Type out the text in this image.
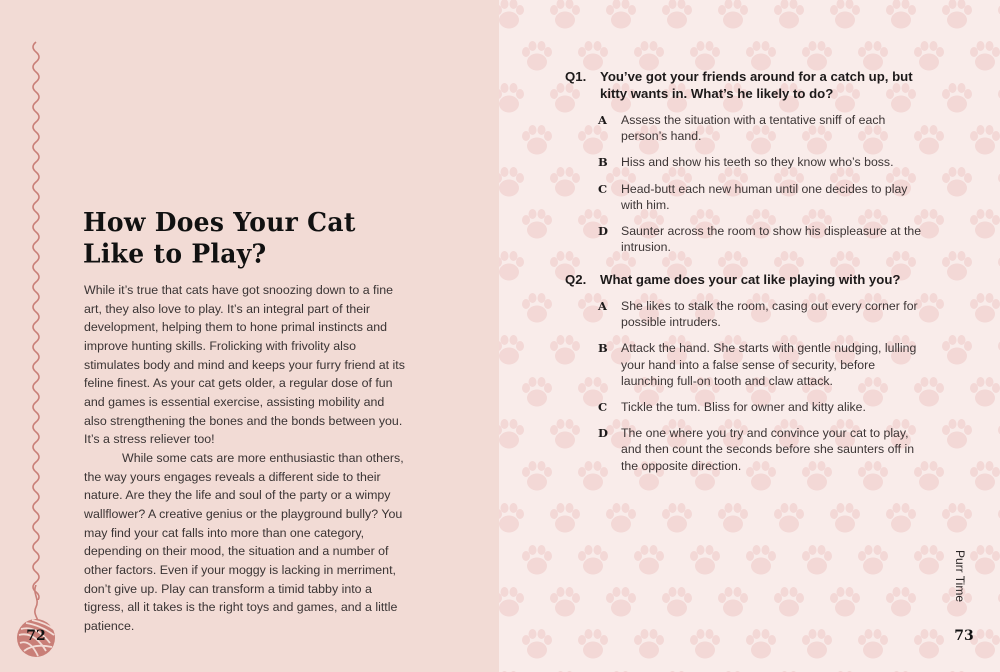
How Does Your Cat
Like to Play?

While it’s true that cats have got snoozing down to a fine art, they also love to play. It’s an integral part of their development, helping them to hone primal instincts and improve hunting skills. Frolicking with frivolity also stimulates body and mind and keeps your furry friend at its feline finest. As your cat gets older, a regular dose of fun and games is essential exercise, assisting mobility and also strengthening the bones and the bonds between you. It’s a stress reliever too!

While some cats are more enthusiastic than others, the way yours engages reveals a different side to their nature. Are they the life and soul of the party or a wimpy wallflower? A creative genius or the playground bully? You may find your cat falls into more than one category, depending on their mood, the situation and a number of other factors. Even if your moggy is lacking in merriment, don’t give up. Play can transform a timid tabby into a tigress, all it takes is the right toys and games, and a little patience.

72
Q1. You’ve got your friends around for a catch up, but kitty wants in. What’s he likely to do?
A Assess the situation with a tentative sniff of each person’s hand.
B Hiss and show his teeth so they know who’s boss.
C Head-butt each new human until one decides to play with him.
D Saunter across the room to show his displeasure at the intrusion.
Q2. What game does your cat like playing with you?
A She likes to stalk the room, casing out every corner for possible intruders.
B Attack the hand. She starts with gentle nudging, lulling your hand into a false sense of security, before launching full-on tooth and claw attack.
C Tickle the tum. Bliss for owner and kitty alike.
D The one where you try and convince your cat to play, and then count the seconds before she saunters off in the opposite direction.
Purr Time
73
